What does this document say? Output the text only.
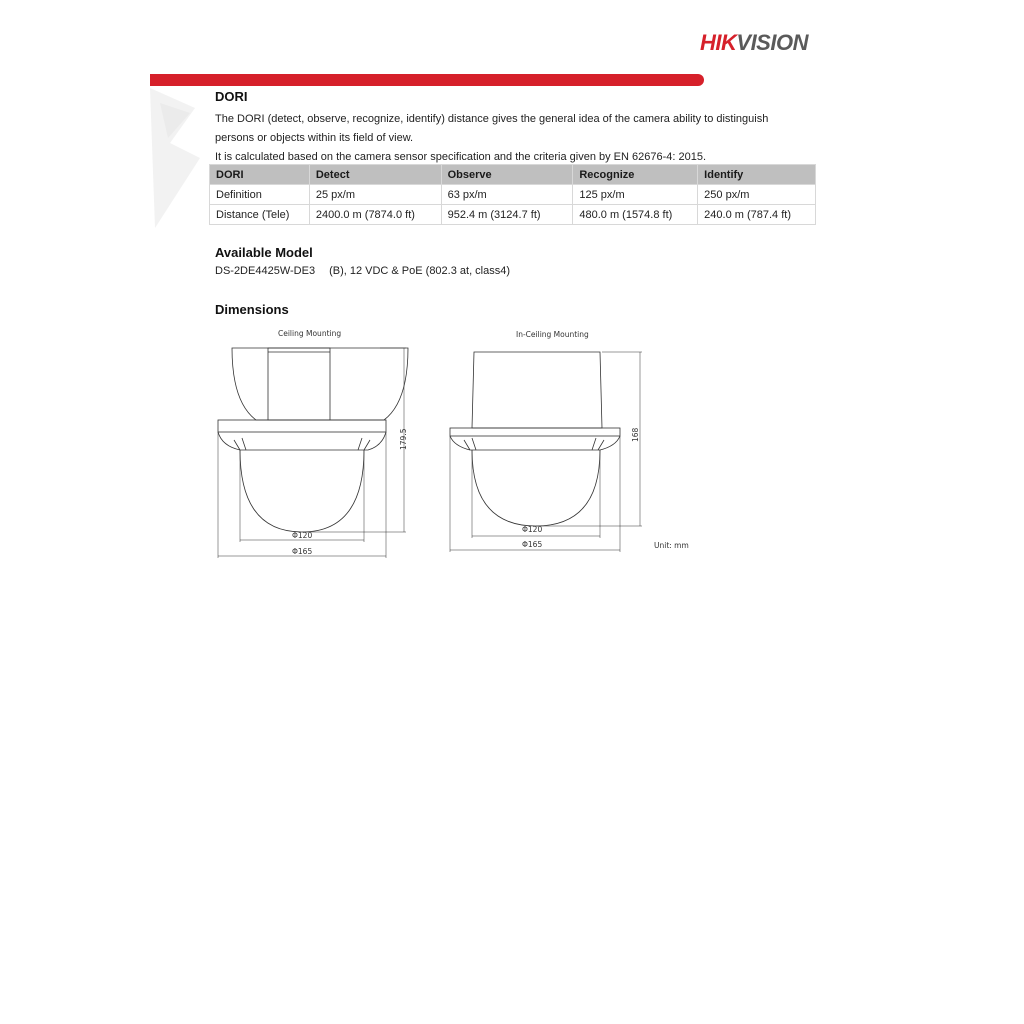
HIKVISION
DORI

The DORI (detect, observe, recognize, identify) distance gives the general idea of the camera ability to distinguish persons or objects within its field of view.

It is calculated based on the camera sensor specification and the criteria given by EN 62676-4: 2015.

DORI	Detect	Observe	Recognize	Identify
Definition	25 px/m	63 px/m	125 px/m	250 px/m
Distance (Tele)	2400.0 m (7874.0 ft)	952.4 m (3124.7 ft)	480.0 m (1574.8 ft)	240.0 m (787.4 ft)
Available Model
DS-2DE4425W-DE3 (B), 12 VDC & PoE (802.3 at, class4)
Dimensions
Ceiling Mounting
179.5
Φ120
Φ165
In-Ceiling Mounting
168
Φ120
Φ165	Unit: mm
